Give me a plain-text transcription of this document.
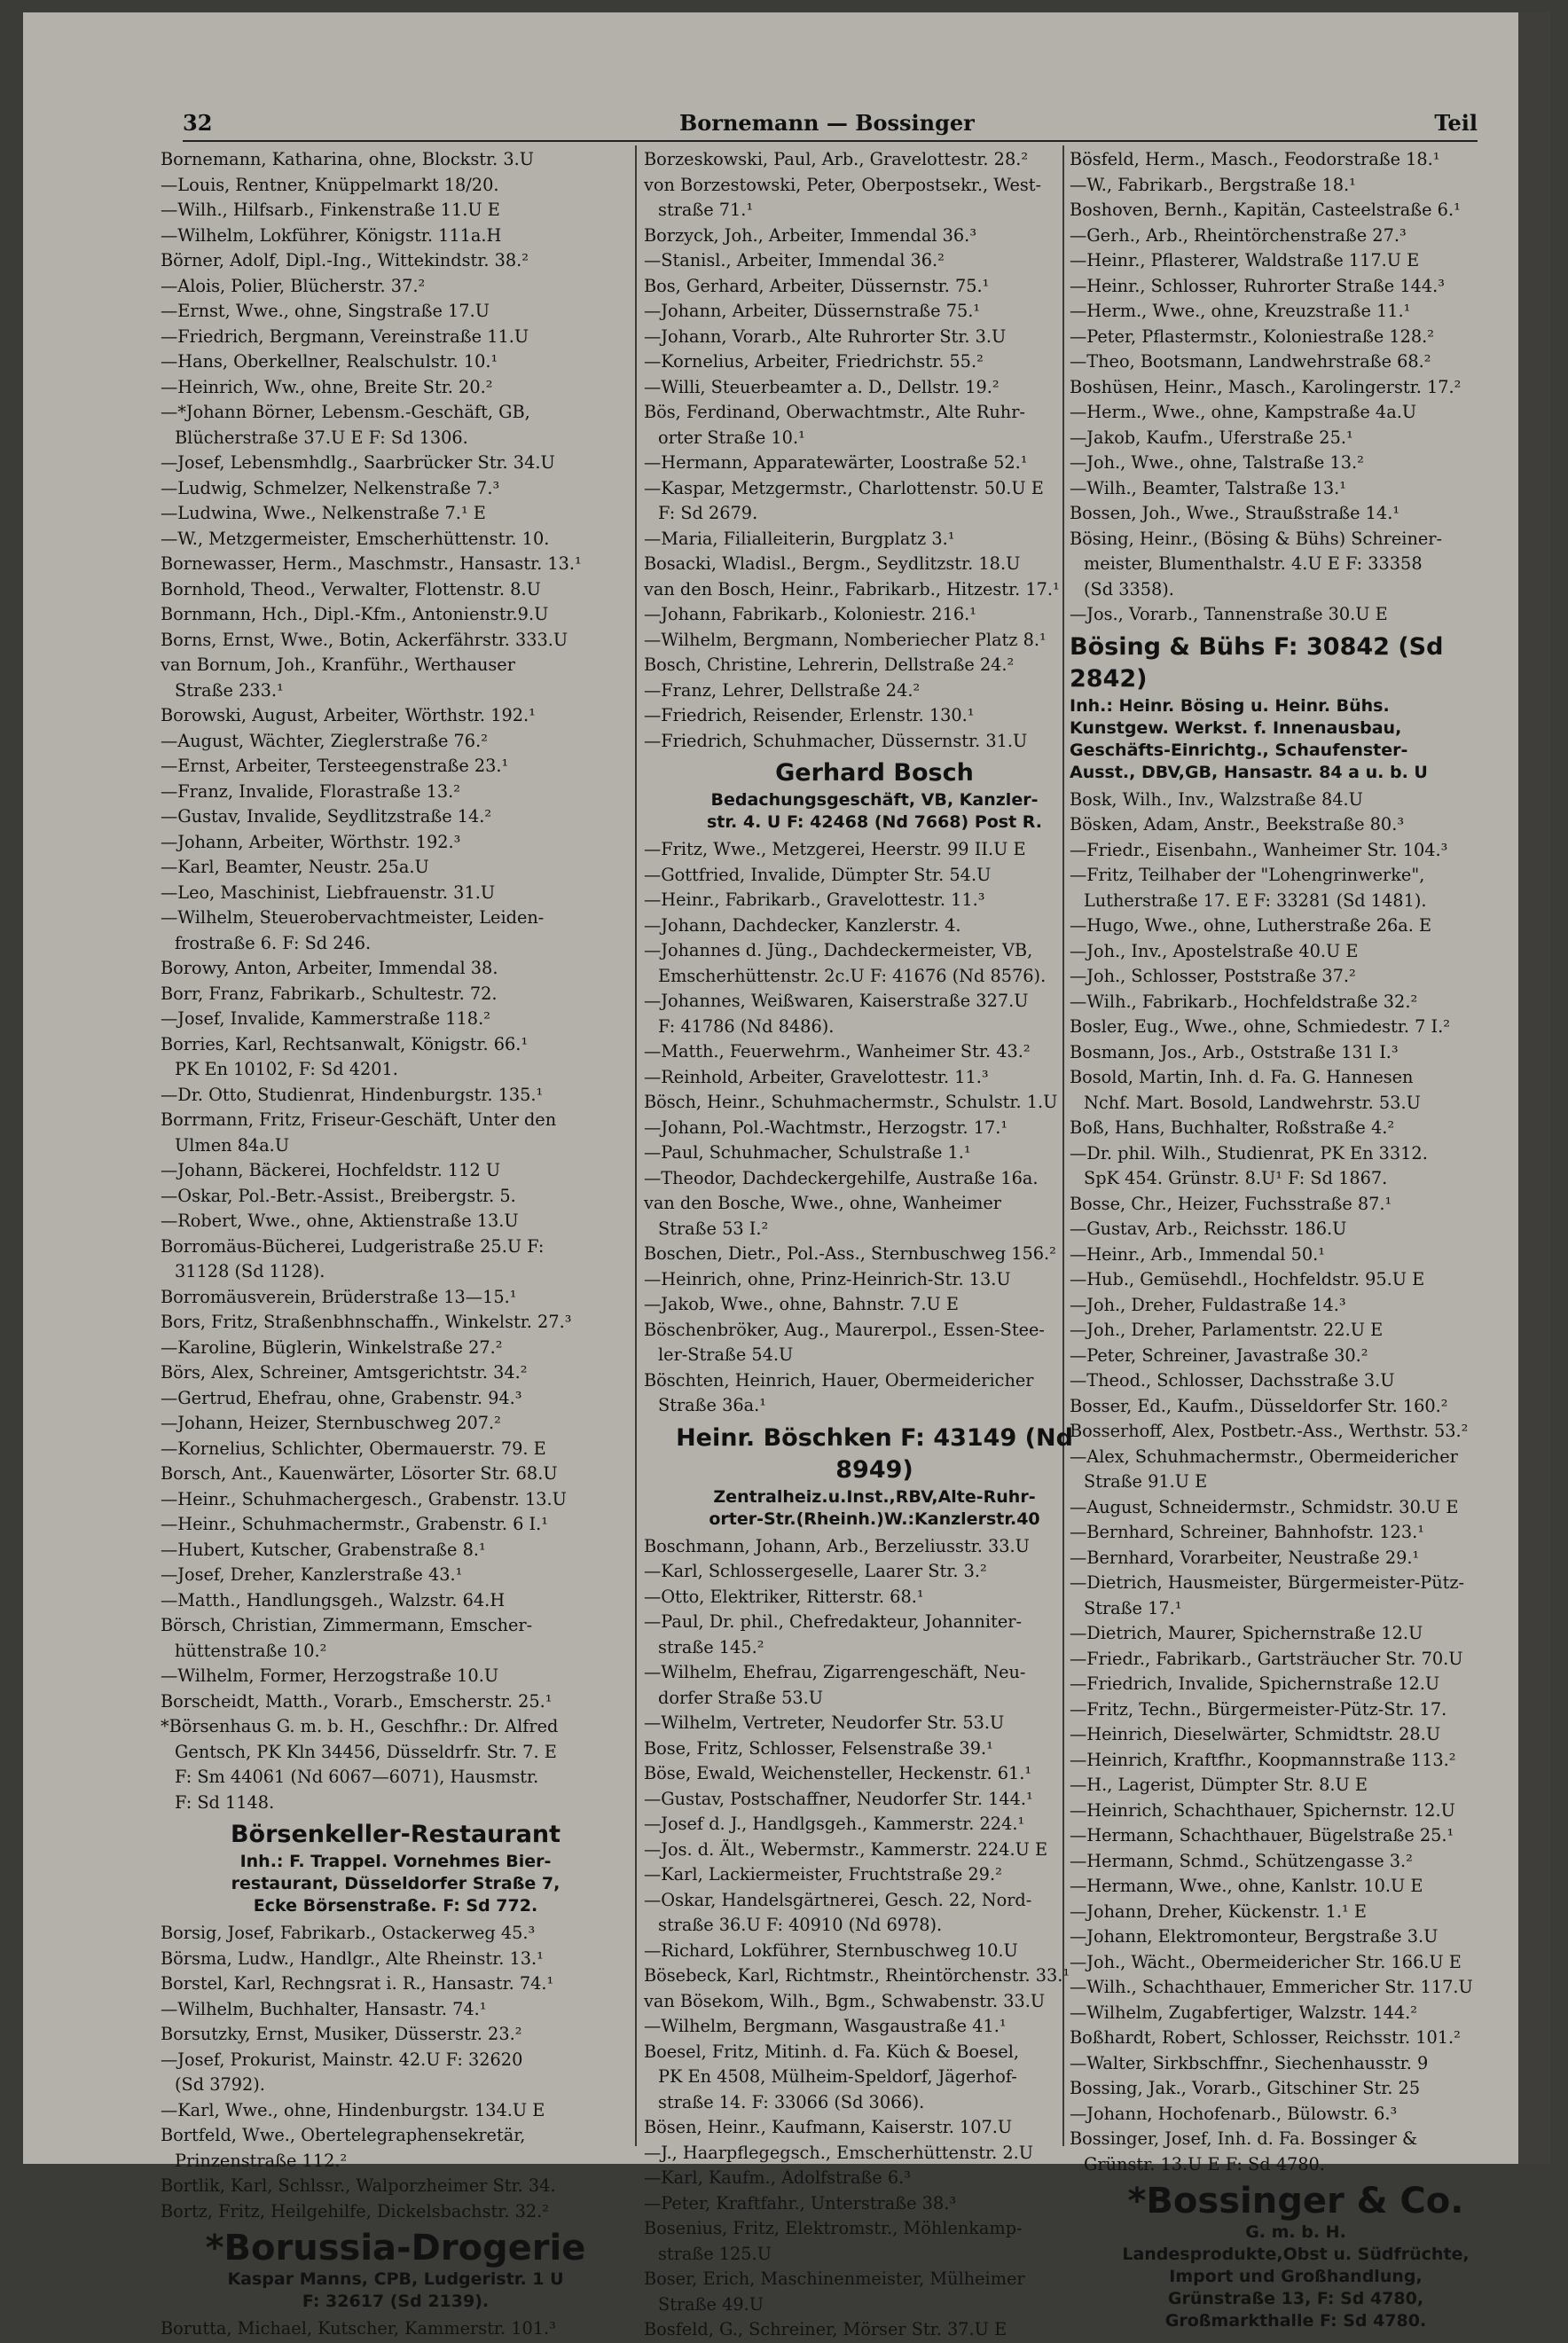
32	Bornemann — Bossinger	Teil
Bornemann, Katharina, ohne, Blockstr. 3.U
—Louis, Rentner, Knüppelmarkt 18/20.
—Wilh., Hilfsarb., Finkenstraße 11.U E
—Wilhelm, Lokführer, Königstr. 111a.H
Börner, Adolf, Dipl.-Ing., Wittekindstr. 38.²
—Alois, Polier, Blücherstr. 37.²
—Ernst, Wwe., ohne, Singstraße 17.U
—Friedrich, Bergmann, Vereinstraße 11.U
—Hans, Oberkellner, Realschulstr. 10.¹
—Heinrich, Ww., ohne, Breite Str. 20.²
—*Johann Börner, Lebensm.-Geschäft, GB,
Blücherstraße 37.U E F: Sd 1306.
—Josef, Lebensmhdlg., Saarbrücker Str. 34.U
—Ludwig, Schmelzer, Nelkenstraße 7.³
—Ludwina, Wwe., Nelkenstraße 7.¹ E
—W., Metzgermeister, Emscherhüttenstr. 10.
Bornewasser, Herm., Maschmstr., Hansastr. 13.¹
Bornhold, Theod., Verwalter, Flottenstr. 8.U
Bornmann, Hch., Dipl.-Kfm., Antonienstr.9.U
Borns, Ernst, Wwe., Botin, Ackerfährstr. 333.U
van Bornum, Joh., Kranführ., Werthauser
Straße 233.¹
Borowski, August, Arbeiter, Wörthstr. 192.¹
—August, Wächter, Zieglerstraße 76.²
—Ernst, Arbeiter, Tersteegenstraße 23.¹
—Franz, Invalide, Florastraße 13.²
—Gustav, Invalide, Seydlitzstraße 14.²
—Johann, Arbeiter, Wörthstr. 192.³
—Karl, Beamter, Neustr. 25a.U
—Leo, Maschinist, Liebfrauenstr. 31.U
—Wilhelm, Steuerobervachtmeister, Leiden-
frostraße 6. F: Sd 246.
Borowy, Anton, Arbeiter, Immendal 38.
Borr, Franz, Fabrikarb., Schultestr. 72.
—Josef, Invalide, Kammerstraße 118.²
Borries, Karl, Rechtsanwalt, Königstr. 66.¹
PK En 10102, F: Sd 4201.
—Dr. Otto, Studienrat, Hindenburgstr. 135.¹
Borrmann, Fritz, Friseur-Geschäft, Unter den
Ulmen 84a.U
—Johann, Bäckerei, Hochfeldstr. 112 U
—Oskar, Pol.-Betr.-Assist., Breibergstr. 5.
—Robert, Wwe., ohne, Aktienstraße 13.U
Borromäus-Bücherei, Ludgeristraße 25.U F:
31128 (Sd 1128).
Borromäusverein, Brüderstraße 13—15.¹
Bors, Fritz, Straßenbhnschaffn., Winkelstr. 27.³
—Karoline, Büglerin, Winkelstraße 27.²
Börs, Alex, Schreiner, Amtsgerichtstr. 34.²
—Gertrud, Ehefrau, ohne, Grabenstr. 94.³
—Johann, Heizer, Sternbuschweg 207.²
—Kornelius, Schlichter, Obermauerstr. 79. E
Borsch, Ant., Kauenwärter, Lösorter Str. 68.U
—Heinr., Schuhmachergesch., Grabenstr. 13.U
—Heinr., Schuhmachermstr., Grabenstr. 6 I.¹
—Hubert, Kutscher, Grabenstraße 8.¹
—Josef, Dreher, Kanzlerstraße 43.¹
—Matth., Handlungsgeh., Walzstr. 64.H
Börsch, Christian, Zimmermann, Emscher-
hüttenstraße 10.²
—Wilhelm, Former, Herzogstraße 10.U
Borscheidt, Matth., Vorarb., Emscherstr. 25.¹
*Börsenhaus G. m. b. H., Geschfhr.: Dr. Alfred
Gentsch, PK Kln 34456, Düsseldrfr. Str. 7. E
F: Sm 44061 (Nd 6067—6071), Hausmstr.
F: Sd 1148.
Börsenkeller-Restaurant
Inh.: F. Trappel. Vornehmes Bier-
restaurant, Düsseldorfer Straße 7,
Ecke Börsenstraße. F: Sd 772.
Borsig, Josef, Fabrikarb., Ostackerweg 45.³
Börsma, Ludw., Handlgr., Alte Rheinstr. 13.¹
Borstel, Karl, Rechngsrat i. R., Hansastr. 74.¹
—Wilhelm, Buchhalter, Hansastr. 74.¹
Borsutzky, Ernst, Musiker, Düsserstr. 23.²
—Josef, Prokurist, Mainstr. 42.U F: 32620
(Sd 3792).
—Karl, Wwe., ohne, Hindenburgstr. 134.U E
Bortfeld, Wwe., Obertelegraphensekretär,
Prinzenstraße 112.²
Bortlik, Karl, Schlssr., Walporzheimer Str. 34.
Bortz, Fritz, Heilgehilfe, Dickelsbachstr. 32.²
*Borussia-Drogerie
Kaspar Manns, CPB, Ludgeristr. 1 U
F: 32617 (Sd 2139).
Borutta, Michael, Kutscher, Kammerstr. 101.³
Borzeskowski, Paul, Arb., Gravelottestr. 28.²
von Borzestowski, Peter, Oberpostsekr., West-
straße 71.¹
Borzyck, Joh., Arbeiter, Immendal 36.³
—Stanisl., Arbeiter, Immendal 36.²
Bos, Gerhard, Arbeiter, Düssernstr. 75.¹
—Johann, Arbeiter, Düssernstraße 75.¹
—Johann, Vorarb., Alte Ruhrorter Str. 3.U
—Kornelius, Arbeiter, Friedrichstr. 55.²
—Willi, Steuerbeamter a. D., Dellstr. 19.²
Bös, Ferdinand, Oberwachtmstr., Alte Ruhr-
orter Straße 10.¹
—Hermann, Apparatewärter, Loostraße 52.¹
—Kaspar, Metzgermstr., Charlottenstr. 50.U E
F: Sd 2679.
—Maria, Filialleiterin, Burgplatz 3.¹
Bosacki, Wladisl., Bergm., Seydlitzstr. 18.U
van den Bosch, Heinr., Fabrikarb., Hitzestr. 17.¹
—Johann, Fabrikarb., Koloniestr. 216.¹
—Wilhelm, Bergmann, Nomberiecher Platz 8.¹
Bosch, Christine, Lehrerin, Dellstraße 24.²
—Franz, Lehrer, Dellstraße 24.²
—Friedrich, Reisender, Erlenstr. 130.¹
—Friedrich, Schuhmacher, Düssernstr. 31.U
Gerhard Bosch
Bedachungsgeschäft, VB, Kanzler-
str. 4. U F: 42468 (Nd 7668) Post R.
—Fritz, Wwe., Metzgerei, Heerstr. 99 II.U E
—Gottfried, Invalide, Dümpter Str. 54.U
—Heinr., Fabrikarb., Gravelottestr. 11.³
—Johann, Dachdecker, Kanzlerstr. 4.
—Johannes d. Jüng., Dachdeckermeister, VB,
Emscherhüttenstr. 2c.U F: 41676 (Nd 8576).
—Johannes, Weißwaren, Kaiserstraße 327.U
F: 41786 (Nd 8486).
—Matth., Feuerwehrm., Wanheimer Str. 43.²
—Reinhold, Arbeiter, Gravelottestr. 11.³
Bösch, Heinr., Schuhmachermstr., Schulstr. 1.U
—Johann, Pol.-Wachtmstr., Herzogstr. 17.¹
—Paul, Schuhmacher, Schulstraße 1.¹
—Theodor, Dachdeckergehilfe, Austraße 16a.
van den Bosche, Wwe., ohne, Wanheimer
Straße 53 I.²
Boschen, Dietr., Pol.-Ass., Sternbuschweg 156.²
—Heinrich, ohne, Prinz-Heinrich-Str. 13.U
—Jakob, Wwe., ohne, Bahnstr. 7.U E
Böschenbröker, Aug., Maurerpol., Essen-Stee-
ler-Straße 54.U
Böschten, Heinrich, Hauer, Obermeidericher
Straße 36a.¹
Heinr. Böschken F: 43149 (Nd 8949)
Zentralheiz.u.Inst.,RBV,Alte-Ruhr-
orter-Str.(Rheinh.)W.:Kanzlerstr.40
Boschmann, Johann, Arb., Berzeliusstr. 33.U
—Karl, Schlossergeselle, Laarer Str. 3.²
—Otto, Elektriker, Ritterstr. 68.¹
—Paul, Dr. phil., Chefredakteur, Johanniter-
straße 145.²
—Wilhelm, Ehefrau, Zigarrengeschäft, Neu-
dorfer Straße 53.U
—Wilhelm, Vertreter, Neudorfer Str. 53.U
Bose, Fritz, Schlosser, Felsenstraße 39.¹
Böse, Ewald, Weichensteller, Heckenstr. 61.¹
—Gustav, Postschaffner, Neudorfer Str. 144.¹
—Josef d. J., Handlgsgeh., Kammerstr. 224.¹
—Jos. d. Ält., Webermstr., Kammerstr. 224.U E
—Karl, Lackiermeister, Fruchtstraße 29.²
—Oskar, Handelsgärtnerei, Gesch. 22, Nord-
straße 36.U F: 40910 (Nd 6978).
—Richard, Lokführer, Sternbuschweg 10.U
Bösebeck, Karl, Richtmstr., Rheintörchenstr. 33.¹
van Bösekom, Wilh., Bgm., Schwabenstr. 33.U
—Wilhelm, Bergmann, Wasgaustraße 41.¹
Boesel, Fritz, Mitinh. d. Fa. Küch & Boesel,
PK En 4508, Mülheim-Speldorf, Jägerhof-
straße 14. F: 33066 (Sd 3066).
Bösen, Heinr., Kaufmann, Kaiserstr. 107.U
—J., Haarpflegegsch., Emscherhüttenstr. 2.U
—Karl, Kaufm., Adolfstraße 6.³
—Peter, Kraftfahr., Unterstraße 38.³
Bosenius, Fritz, Elektromstr., Möhlenkamp-
straße 125.U
Boser, Erich, Maschinenmeister, Mülheimer
Straße 49.U
Bosfeld, G., Schreiner, Mörser Str. 37.U E
Bösfeld, Herm., Masch., Feodorstraße 18.¹
—W., Fabrikarb., Bergstraße 18.¹
Boshoven, Bernh., Kapitän, Casteelstraße 6.¹
—Gerh., Arb., Rheintörchenstraße 27.³
—Heinr., Pflasterer, Waldstraße 117.U E
—Heinr., Schlosser, Ruhrorter Straße 144.³
—Herm., Wwe., ohne, Kreuzstraße 11.¹
—Peter, Pflastermstr., Koloniestraße 128.²
—Theo, Bootsmann, Landwehrstraße 68.²
Boshüsen, Heinr., Masch., Karolingerstr. 17.²
—Herm., Wwe., ohne, Kampstraße 4a.U
—Jakob, Kaufm., Uferstraße 25.¹
—Joh., Wwe., ohne, Talstraße 13.²
—Wilh., Beamter, Talstraße 13.¹
Bossen, Joh., Wwe., Straußstraße 14.¹
Bösing, Heinr., (Bösing & Bühs) Schreiner-
meister, Blumenthalstr. 4.U E F: 33358
(Sd 3358).
—Jos., Vorarb., Tannenstraße 30.U E
Bösing & Bühs F: 30842 (Sd 2842)
Inh.: Heinr. Bösing u. Heinr. Bühs.
Kunstgew. Werkst. f. Innenausbau,
Geschäfts-Einrichtg., Schaufenster-
Ausst., DBV,GB, Hansastr. 84 a u. b. U
Bosk, Wilh., Inv., Walzstraße 84.U
Bösken, Adam, Anstr., Beekstraße 80.³
—Friedr., Eisenbahn., Wanheimer Str. 104.³
—Fritz, Teilhaber der "Lohengrinwerke",
Lutherstraße 17. E F: 33281 (Sd 1481).
—Hugo, Wwe., ohne, Lutherstraße 26a. E
—Joh., Inv., Apostelstraße 40.U E
—Joh., Schlosser, Poststraße 37.²
—Wilh., Fabrikarb., Hochfeldstraße 32.²
Bosler, Eug., Wwe., ohne, Schmiedestr. 7 I.²
Bosmann, Jos., Arb., Oststraße 131 I.³
Bosold, Martin, Inh. d. Fa. G. Hannesen
Nchf. Mart. Bosold, Landwehrstr. 53.U
Boß, Hans, Buchhalter, Roßstraße 4.²
—Dr. phil. Wilh., Studienrat, PK En 3312.
SpK 454. Grünstr. 8.U¹ F: Sd 1867.
Bosse, Chr., Heizer, Fuchsstraße 87.¹
—Gustav, Arb., Reichsstr. 186.U
—Heinr., Arb., Immendal 50.¹
—Hub., Gemüsehdl., Hochfeldstr. 95.U E
—Joh., Dreher, Fuldastraße 14.³
—Joh., Dreher, Parlamentstr. 22.U E
—Peter, Schreiner, Javastraße 30.²
—Theod., Schlosser, Dachsstraße 3.U
Bosser, Ed., Kaufm., Düsseldorfer Str. 160.²
Bosserhoff, Alex, Postbetr.-Ass., Werthstr. 53.²
—Alex, Schuhmachermstr., Obermeidericher
Straße 91.U E
—August, Schneidermstr., Schmidstr. 30.U E
—Bernhard, Schreiner, Bahnhofstr. 123.¹
—Bernhard, Vorarbeiter, Neustraße 29.¹
—Dietrich, Hausmeister, Bürgermeister-Pütz-
Straße 17.¹
—Dietrich, Maurer, Spichernstraße 12.U
—Friedr., Fabrikarb., Gartsträucher Str. 70.U
—Friedrich, Invalide, Spichernstraße 12.U
—Fritz, Techn., Bürgermeister-Pütz-Str. 17.
—Heinrich, Dieselwärter, Schmidtstr. 28.U
—Heinrich, Kraftfhr., Koopmannstraße 113.²
—H., Lagerist, Dümpter Str. 8.U E
—Heinrich, Schachthauer, Spichernstr. 12.U
—Hermann, Schachthauer, Bügelstraße 25.¹
—Hermann, Schmd., Schützengasse 3.²
—Hermann, Wwe., ohne, Kanlstr. 10.U E
—Johann, Dreher, Kückenstr. 1.¹ E
—Johann, Elektromonteur, Bergstraße 3.U
—Joh., Wächt., Obermeidericher Str. 166.U E
—Wilh., Schachthauer, Emmericher Str. 117.U
—Wilhelm, Zugabfertiger, Walzstr. 144.²
Boßhardt, Robert, Schlosser, Reichsstr. 101.²
—Walter, Sirkbschffnr., Siechenhausstr. 9
Bossing, Jak., Vorarb., Gitschiner Str. 25
—Johann, Hochofenarb., Bülowstr. 6.³
Bossinger, Josef, Inh. d. Fa. Bossinger &
Grünstr. 13.U E F: Sd 4780.
*Bossinger & Co.
G. m. b. H.
Landesprodukte,Obst u. Südfrüchte,
Import und Großhandlung,
Grünstraße 13, F: Sd 4780,
Großmarkthalle F: Sd 4780.
